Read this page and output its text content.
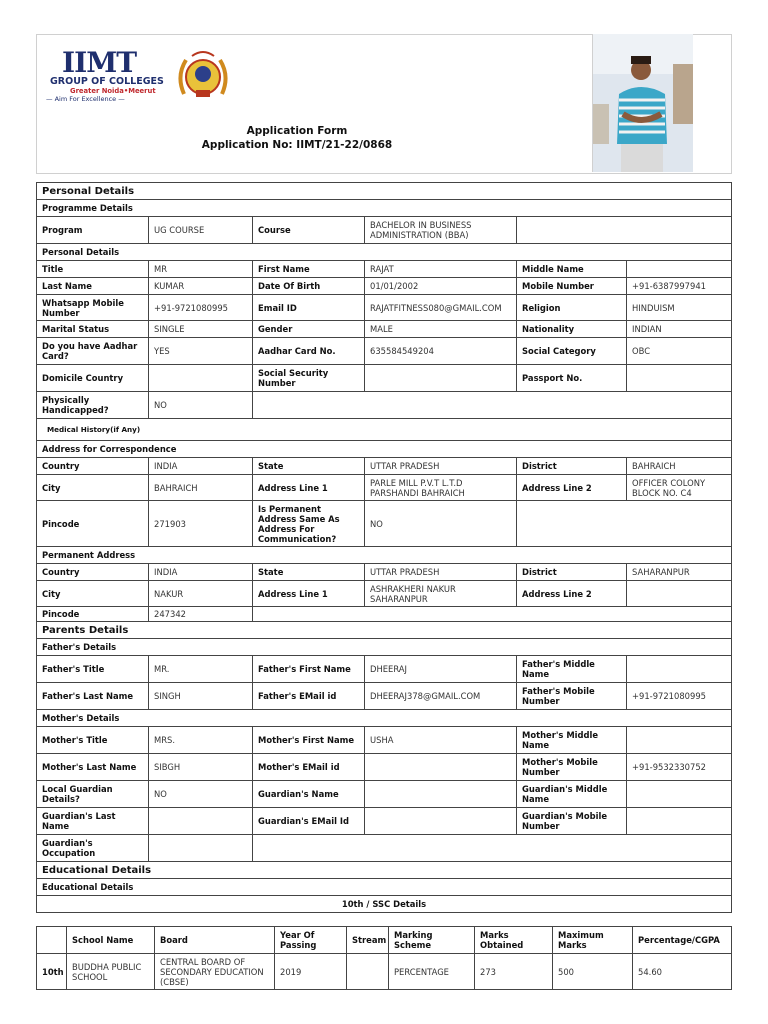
IIMT
GROUP OF COLLEGES
Greater Noida•Meerut
— Aim For Excellence —
Application Form
Application No: IIMT/21-22/0868
Personal Details					
Programme Details					
Program	UG COURSE	Course	BACHELOR IN BUSINESS ADMINISTRATION (BBA)		
Personal Details					
Title	MR	First Name	RAJAT	Middle Name	
Last Name	KUMAR	Date Of Birth	01/01/2002	Mobile Number	+91-6387997941
Whatsapp Mobile Number	+91-9721080995	Email ID	RAJATFITNESS080@GMAIL.COM	Religion	HINDUISM
Marital Status	SINGLE	Gender	MALE	Nationality	INDIAN
Do you have Aadhar Card?	YES	Aadhar Card No.	635584549204	Social Category	OBC
Domicile Country		Social Security Number		Passport No.	
Physically Handicapped?	NO				
Medical History(if Any)					
Address for Correspondence					
Country	INDIA	State	UTTAR PRADESH	District	BAHRAICH
City	BAHRAICH	Address Line 1	PARLE MILL P.V.T L.T.D PARSHANDI BAHRAICH	Address Line 2	OFFICER COLONY BLOCK NO. C4
Pincode	271903	Is Permanent Address Same As Address For Communication?	NO		
Permanent Address					
Country	INDIA	State	UTTAR PRADESH	District	SAHARANPUR
City	NAKUR	Address Line 1	ASHRAKHERI NAKUR SAHARANPUR	Address Line 2	
Pincode	247342				
Parents Details					
Father's Details					
Father's Title	MR.	Father's First Name	DHEERAJ	Father's Middle Name	
Father's Last Name	SINGH	Father's EMail id	DHEERAJ378@GMAIL.COM	Father's Mobile Number	+91-9721080995
Mother's Details					
Mother's Title	MRS.	Mother's First Name	USHA	Mother's Middle Name	
Mother's Last Name	SIBGH	Mother's EMail id		Mother's Mobile Number	+91-9532330752
Local Guardian Details?	NO	Guardian's Name		Guardian's Middle Name	
Guardian's Last Name		Guardian's EMail Id		Guardian's Mobile Number	
Guardian's Occupation					
Educational Details					
Educational Details					
10th / SSC Details					
	School Name	Board	Year Of Passing	Stream	Marking Scheme	Marks Obtained	Maximum Marks	Percentage/CGPA
10th	BUDDHA PUBLIC SCHOOL	CENTRAL BOARD OF SECONDARY EDUCATION (CBSE)	2019		PERCENTAGE	273	500	54.60
